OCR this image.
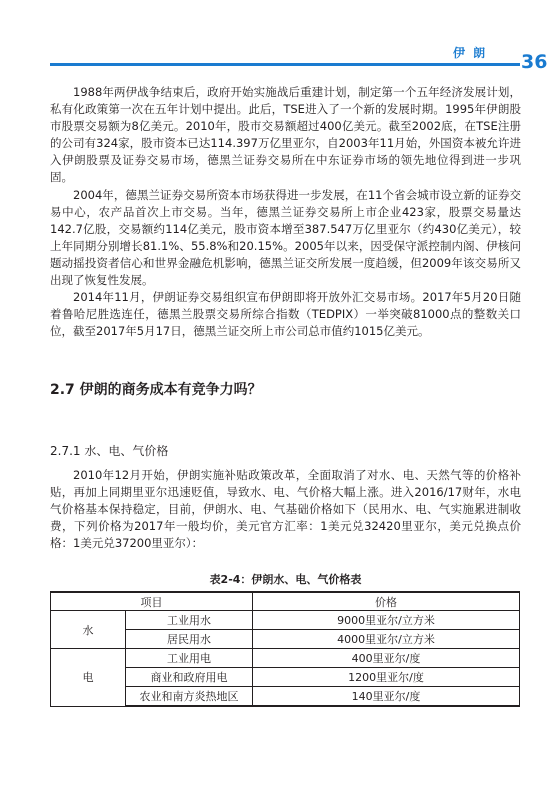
伊 朗 36

1988年两伊战争结束后，政府开始实施战后重建计划，制定第一个五年经济发展计划，私有化政策第一次在五年计划中提出。此后，TSE进入了一个新的发展时期。1995年伊朗股市股票交易额为8亿美元。2010年，股市交易额超过400亿美元。截至2002底，在TSE注册的公司有324家，股市资本已达114.397万亿里亚尔，自2003年11月始，外国资本被允许进入伊朗股票及证券交易市场，德黑兰证券交易所在中东证券市场的领先地位得到进一步巩固。

2004年，德黑兰证券交易所资本市场获得进一步发展，在11个省会城市设立新的证券交易中心，农产品首次上市交易。当年，德黑兰证券交易所上市企业423家，股票交易量达142.7亿股，交易额约114亿美元，股市资本增至387.547万亿里亚尔（约430亿美元），较上年同期分别增长81.1%、55.8%和20.15%。2005年以来，因受保守派控制内阁、伊核问题动摇投资者信心和世界金融危机影响，德黑兰证交所发展一度趋缓，但2009年该交易所又出现了恢复性发展。

2014年11月，伊朗证券交易组织宣布伊朗即将开放外汇交易市场。2017年5月20日随着鲁哈尼胜选连任，德黑兰股票交易所综合指数（TEDPIX）一举突破81000点的整数关口位，截至2017年5月17日，德黑兰证交所上市公司总市值约1015亿美元。

2.7 伊朗的商务成本有竞争力吗？
2.7.1 水、电、气价格

2010年12月开始，伊朗实施补贴政策改革，全面取消了对水、电、天然气等的价格补贴，再加上同期里亚尔迅速贬值，导致水、电、气价格大幅上涨。进入2016/17财年，水电气价格基本保持稳定，目前，伊朗水、电、气基础价格如下（民用水、电、气实施累进制收费，下列价格为2017年一般均价，美元官方汇率：1美元兑32420里亚尔，美元兑换点价格：1美元兑37200里亚尔）：

表2-4：伊朗水、电、气价格表
项目		价格
水	工业用水	9000里亚尔/立方米
	居民用水	4000里亚尔/立方米
电	工业用电	400里亚尔/度
	商业和政府用电	1200里亚尔/度
	农业和南方炎热地区	140里亚尔/度
